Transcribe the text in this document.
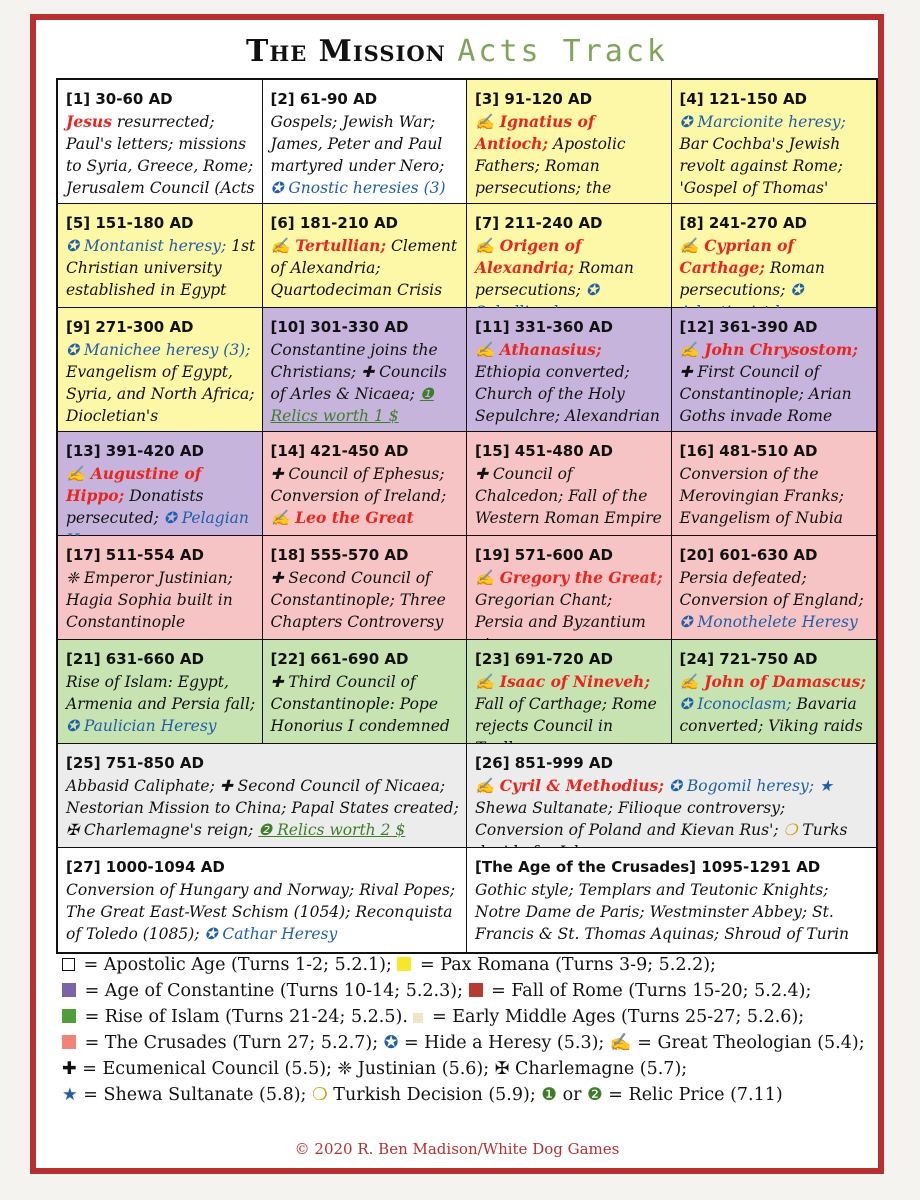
The Mission Acts Track
[1] 30-60 AD
Jesus resurrected; Paul's letters; missions to Syria, Greece, Rome; Jerusalem Council (Acts
[2] 61-90 AD
Gospels; Jewish War; James, Peter and Paul martyred under Nero; ✪ Gnostic heresies (3)
[3] 91-120 AD
✍ Ignatius of Antioch; Apostolic Fathers; Roman persecutions; the
[4] 121-150 AD
✪ Marcionite heresy; Bar Cochba's Jewish revolt against Rome; 'Gospel of Thomas'
[5] 151-180 AD
✪ Montanist heresy; 1st Christian university established in Egypt
[6] 181-210 AD
✍ Tertullian; Clement of Alexandria; Quartodeciman Crisis
[7] 211-240 AD
✍ Origen of Alexandria; Roman persecutions; ✪
[8] 241-270 AD
✍ Cyprian of Carthage; Roman persecutions; ✪
[9] 271-300 AD
✪ Manichee heresy (3); Evangelism of Egypt, Syria, and North Africa; Diocletian's
[10] 301-330 AD
Constantine joins the Christians; ✚ Councils of Arles & Nicaea; ❶ Relics worth 1 $
[11] 331-360 AD
✍ Athanasius; Ethiopia converted; Church of the Holy Sepulchre; Alexandrian
[12] 361-390 AD
✍ John Chrysostom; ✚ First Council of Constantinople; Arian Goths invade Rome
[13] 391-420 AD
✍ Augustine of Hippo; Donatists persecuted; ✪ Pelagian
[14] 421-450 AD
✚ Council of Ephesus; Conversion of Ireland; ✍ Leo the Great
[15] 451-480 AD
✚ Council of Chalcedon; Fall of the Western Roman Empire
[16] 481-510 AD
Conversion of the Merovingian Franks; Evangelism of Nubia
[17] 511-554 AD
❈ Emperor Justinian; Hagia Sophia built in Constantinople
[18] 555-570 AD
✚ Second Council of Constantinople; Three Chapters Controversy
[19] 571-600 AD
✍ Gregory the Great; Gregorian Chant; Persia and Byzantium
[20] 601-630 AD
Persia defeated; Conversion of England; ✪ Monothelete Heresy
[21] 631-660 AD
Rise of Islam: Egypt, Armenia and Persia fall; ✪ Paulician Heresy
[22] 661-690 AD
✚ Third Council of Constantinople: Pope Honorius I condemned
[23] 691-720 AD
✍ Isaac of Nineveh; Fall of Carthage; Rome rejects Council in
[24] 721-750 AD
✍ John of Damascus; ✪ Iconoclasm; Bavaria converted; Viking raids
[25] 751-850 AD
Abbasid Caliphate; ✚ Second Council of Nicaea; Nestorian Mission to China; Papal States created; ✠ Charlemagne's reign; ❷ Relics worth 2 $
[26] 851-999 AD
✍ Cyril & Methodius; ✪ Bogomil heresy; ★ Shewa Sultanate; Filioque controversy; Conversion of Poland and Kievan Rus'; ❍ Turks
[27] 1000-1094 AD
Conversion of Hungary and Norway; Rival Popes; The Great East-West Schism (1054); Reconquista of Toledo (1085); ✪ Cathar Heresy
[The Age of the Crusades] 1095-1291 AD
Gothic style; Templars and Teutonic Knights; Notre Dame de Paris; Westminster Abbey; St. Francis & St. Thomas Aquinas; Shroud of Turin
= Apostolic Age (Turns 1-2; 5.2.1);  = Pax Romana (Turns 3-9; 5.2.2);
= Age of Constantine (Turns 10-14; 5.2.3);  = Fall of Rome (Turns 15-20; 5.2.4);
= Rise of Islam (Turns 21-24; 5.2.5).  = Early Middle Ages (Turns 25-27; 5.2.6);
= The Crusades (Turn 27; 5.2.7); ✪ = Hide a Heresy (5.3); ✍ = Great Theologian (5.4);
✚ = Ecumenical Council (5.5); ❈ Justinian (5.6); ✠ Charlemagne (5.7);
★ = Shewa Sultanate (5.8); ❍ Turkish Decision (5.9); ❶ or ❷ = Relic Price (7.11)
© 2020 R. Ben Madison/White Dog Games
